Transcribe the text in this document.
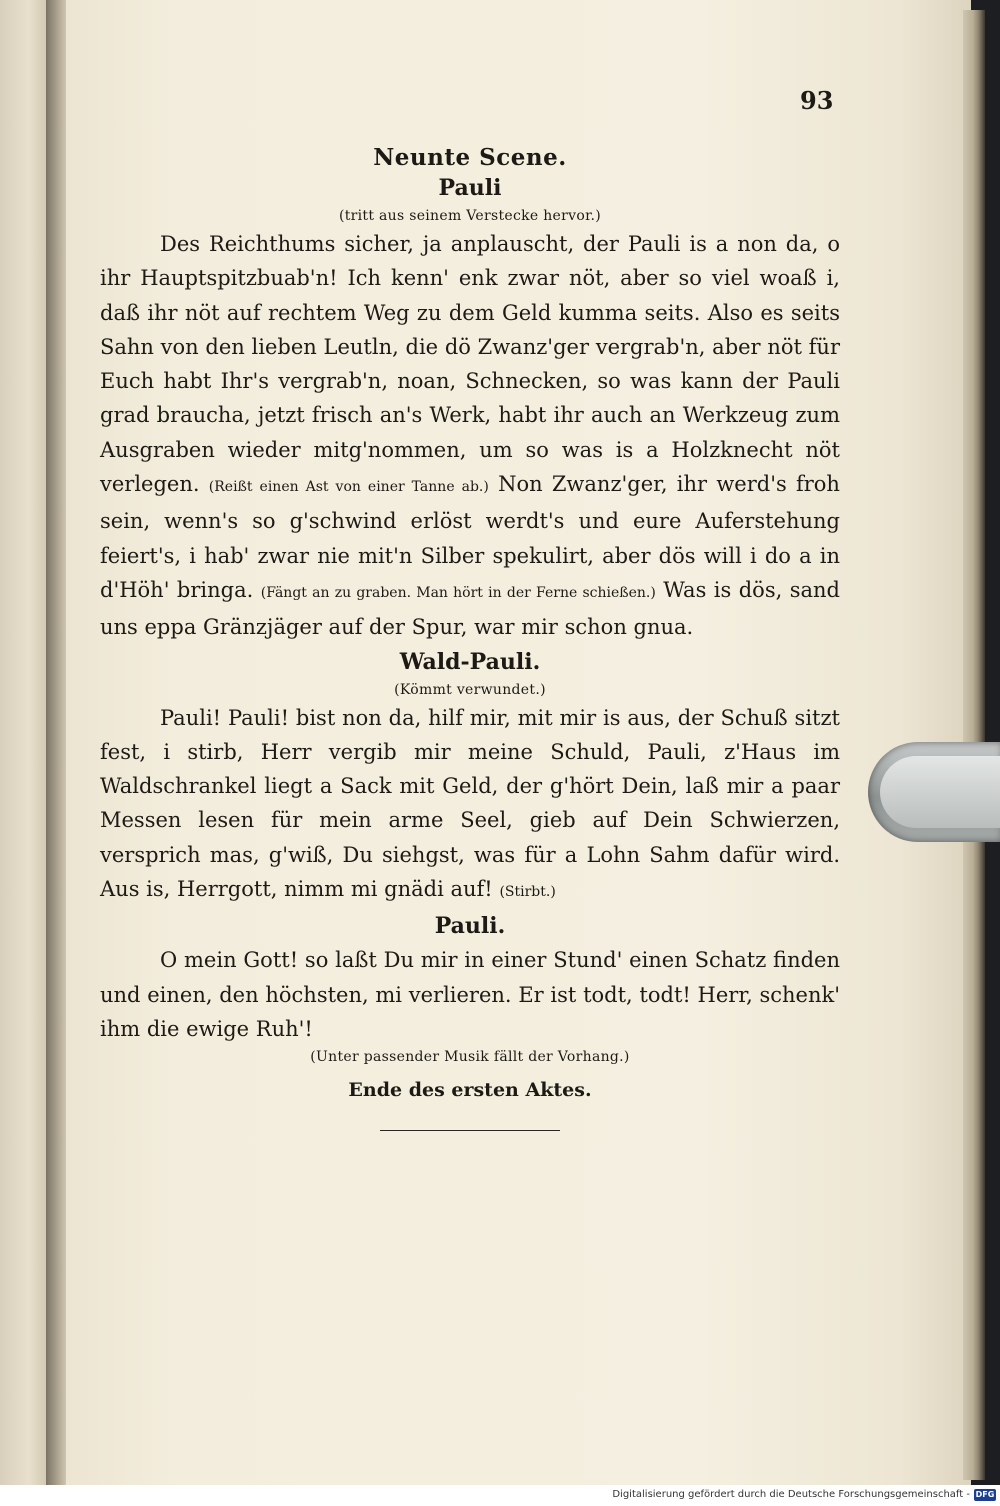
93

Neunte Scene.

Pauli

(tritt aus seinem Verstecke hervor.)

Des Reichthums sicher, ja anplauscht, der Pauli is a non da, o ihr Hauptspitzbuab'n! Ich kenn' enk zwar nöt, aber so viel woaß i, daß ihr nöt auf rechtem Weg zu dem Geld kumma seits. Also es seits Sahn von den lieben Leutln, die dö Zwanz'ger vergrab'n, aber nöt für Euch habt Ihr's vergrab'n, noan, Schnecken, so was kann der Pauli grad braucha, jetzt frisch an's Werk, habt ihr auch an Werkzeug zum Ausgraben wieder mitg'nommen, um so was is a Holzknecht nöt verlegen. (Reißt einen Ast von einer Tanne ab.) Non Zwanz'ger, ihr werd's froh sein, wenn's so g'schwind erlöst werdt's und eure Auferstehung feiert's, i hab' zwar nie mit'n Silber spekulirt, aber dös will i do a in d'Höh' bringa. (Fängt an zu graben. Man hört in der Ferne schießen.) Was is dös, sand uns eppa Gränzjäger auf der Spur, war mir schon gnua.

Wald-Pauli.

(Kömmt verwundet.)

Pauli! Pauli! bist non da, hilf mir, mit mir is aus, der Schuß sitzt fest, i stirb, Herr vergib mir meine Schuld, Pauli, z'Haus im Waldschrankel liegt a Sack mit Geld, der g'hört Dein, laß mir a paar Messen lesen für mein arme Seel, gieb auf Dein Schwierzen, versprich mas, g'wiß, Du siehgst, was für a Lohn Sahm dafür wird. Aus is, Herrgott, nimm mi gnädi auf! (Stirbt.)

Pauli.

O mein Gott! so laßt Du mir in einer Stund' einen Schatz finden und einen, den höchsten, mi verlieren. Er ist todt, todt! Herr, schenk' ihm die ewige Ruh'!

(Unter passender Musik fällt der Vorhang.)

Ende des ersten Aktes.

Digitalisierung gefördert durch die Deutsche Forschungsgemeinschaft - DFG
